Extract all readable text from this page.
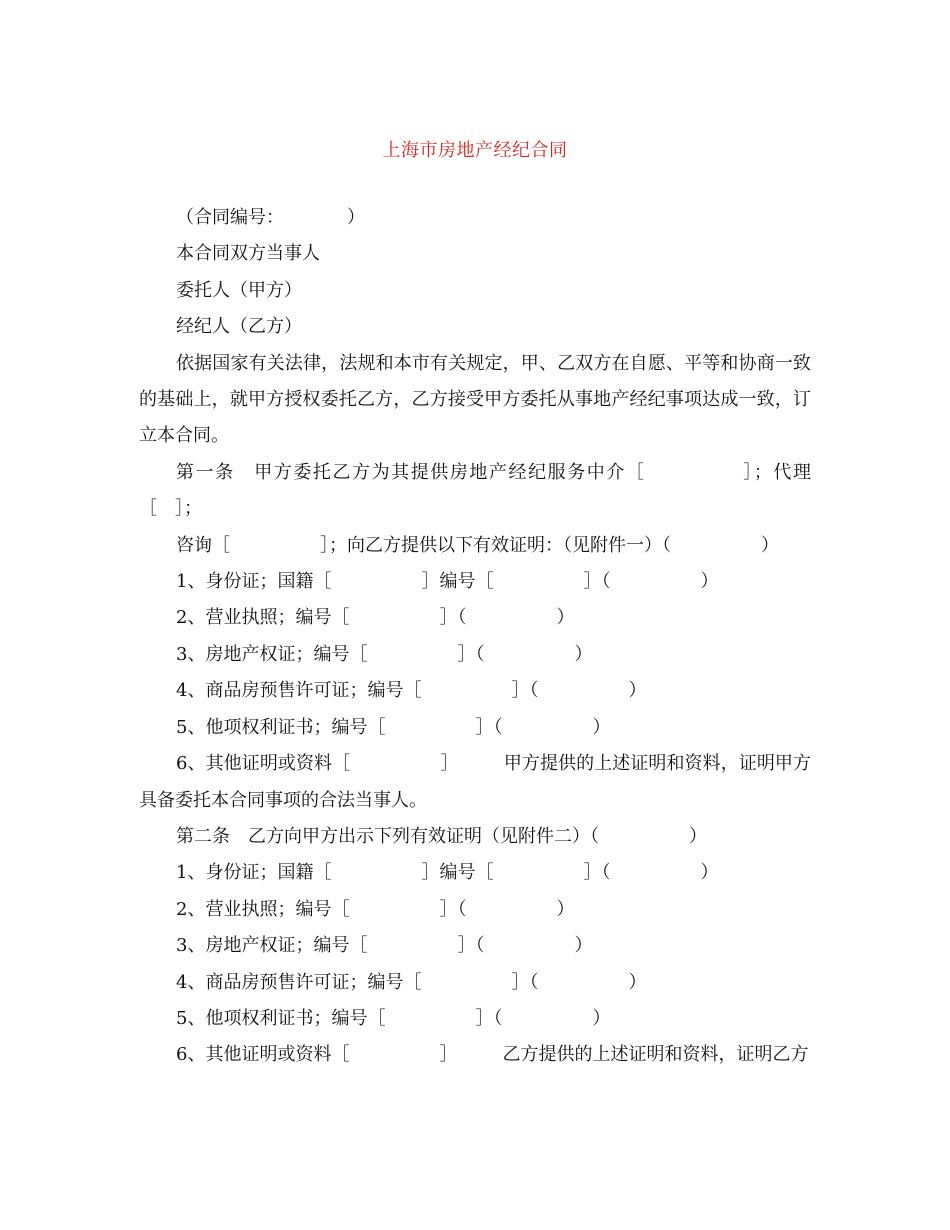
上海市房地产经纪合同

（合同编号：　　　　）

本合同双方当事人

委托人（甲方）

经纪人（乙方）

依据国家有关法律，法规和本市有关规定，甲、乙双方在自愿、平等和协商一致的基础上，就甲方授权委托乙方，乙方接受甲方委托从事地产经纪事项达成一致，订立本合同。

第一条　甲方委托乙方为其提供房地产经纪服务中介［　　　　　］；代理［　］；

咨询［　　　　　］；向乙方提供以下有效证明：（见附件一）（　　　　　）

1、身份证；国籍［　　　　　］编号［　　　　　］（　　　　　）

2、营业执照；编号［　　　　　］（　　　　　）

3、房地产权证；编号［　　　　　］（　　　　　）

4、商品房预售许可证；编号［　　　　　］（　　　　　）

5、他项权利证书；编号［　　　　　］（　　　　　）

6、其他证明或资料［　　　　　］　　　甲方提供的上述证明和资料，证明甲方具备委托本合同事项的合法当事人。

第二条　乙方向甲方出示下列有效证明（见附件二）（　　　　　）

1、身份证；国籍［　　　　　］编号［　　　　　］（　　　　　）

2、营业执照；编号［　　　　　］（　　　　　）

3、房地产权证；编号［　　　　　］（　　　　　）

4、商品房预售许可证；编号［　　　　　］（　　　　　）

5、他项权利证书；编号［　　　　　］（　　　　　）

6、其他证明或资料［　　　　　］　　　乙方提供的上述证明和资料，证明乙方
